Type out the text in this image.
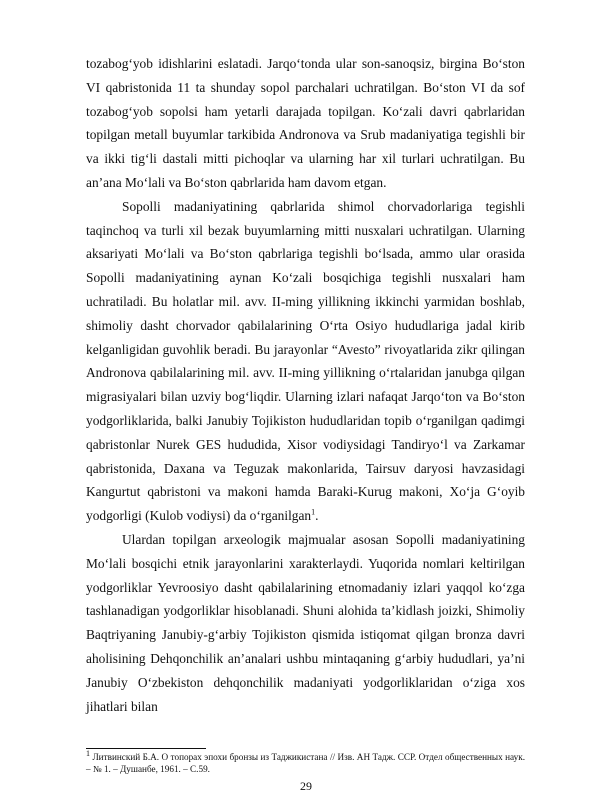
tozabog‘yob idishlarini eslatadi. Jarqo‘tonda ular son-sanoqsiz, birgina Bo‘ston VI qabristonida 11 ta shunday sopol parchalari uchratilgan. Bo‘ston VI da sof tozabog‘yob sopolsi ham yetarli darajada topilgan. Ko‘zali davri qabrlaridan topilgan metall buyumlar tarkibida Andronova va Srub madaniyatiga tegishli bir va ikki tig‘li dastali mitti pichoqlar va ularning har xil turlari uchratilgan. Bu an’ana Mo‘lali va Bo‘ston qabrlarida ham davom etgan.

Sopolli madaniyatining qabrlarida shimol chorvadorlariga tegishli taqinchoq va turli xil bezak buyumlarning mitti nusxalari uchratilgan. Ularning aksariyati Mo‘lali va Bo‘ston qabrlariga tegishli bo‘lsada, ammo ular orasida Sopolli madaniyatining aynan Ko‘zali bosqichiga tegishli nusxalari ham uchratiladi. Bu holatlar mil. avv. II-ming yillikning ikkinchi yarmidan boshlab, shimoliy dasht chorvador qabilalarining O‘rta Osiyo hududlariga jadal kirib kelganligidan guvohlik beradi. Bu jarayonlar “Avesto” rivoyatlarida zikr qilingan Andronova qabilalarining mil. avv. II-ming yillikning o‘rtalaridan janubga qilgan migrasiyalari bilan uzviy bog‘liqdir. Ularning izlari nafaqat Jarqo‘ton va Bo‘ston yodgorliklarida, balki Janubiy Tojikiston hududlaridan topib o‘rganilgan qadimgi qabristonlar Nurek GES hududida, Xisor vodiysidagi Tandiryo‘l va Zarkamar qabristonida, Daxana va Teguzak makonlarida, Tairsuv daryosi havzasidagi Kangurtut qabristoni va makoni hamda Baraki-Kurug makoni, Xo‘ja G‘oyib yodgorligi (Kulob vodiysi) da o‘rganilgan$^1$.

Ulardan topilgan arxeologik majmualar asosan Sopolli madaniyatining Mo‘lali bosqichi etnik jarayonlarini xarakterlaydi. Yuqorida nomlari keltirilgan yodgorliklar Yevroosiyo dasht qabilalarining etnomadaniy izlari yaqqol ko‘zga tashlanadigan yodgorliklar hisoblanadi. Shuni alohida ta’kidlash joizki, Shimoliy Baqtriyaning Janubiy-g‘arbiy Tojikiston qismida istiqomat qilgan bronza davri aholisining Dehqonchilik an’analari ushbu mintaqaning g‘arbiy hududlari, ya’ni Janubiy O‘zbekiston dehqonchilik madaniyati yodgorliklaridan o‘ziga xos jihatlari bilan

$^1$ Литвинский Б.А. О топорах эпохи бронзы из Таджикистана // Изв. АН Тадж. ССР. Отдел общественных наук. – № 1. – Душанбе, 1961. – С.59.

29
